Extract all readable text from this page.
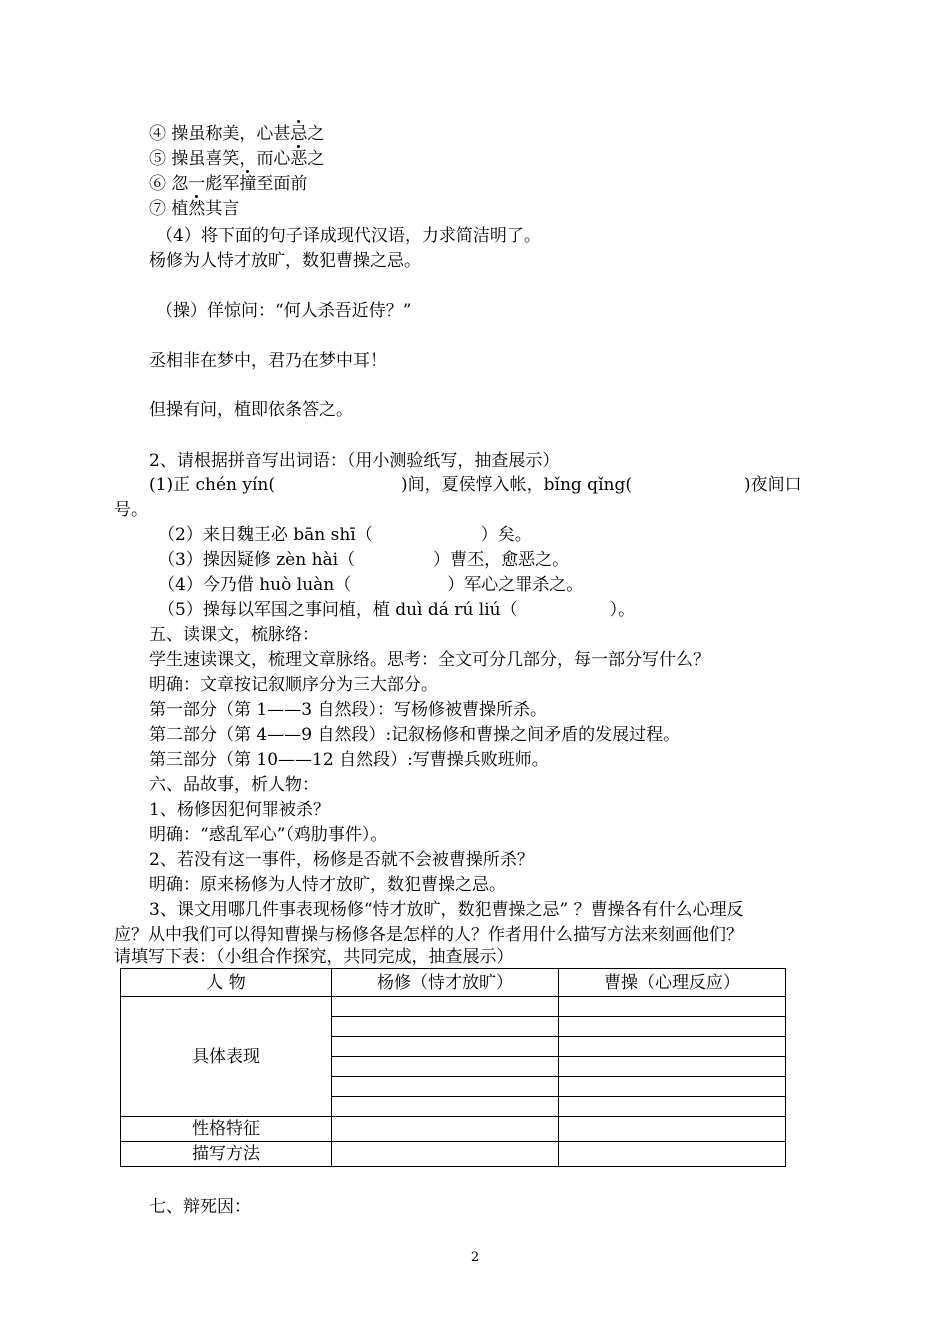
④ 操虽称美，心甚忌之
⑤ 操虽喜笑，而心恶之
⑥ 忽一彪军撞至面前
⑦ 植然其言
（4）将下面的句子译成现代汉语，力求简洁明了。
杨修为人恃才放旷，数犯曹操之忌。
（操）佯惊问：“何人杀吾近侍？”
丞相非在梦中，君乃在梦中耳！
但操有问，植即依条答之。
2、请根据拼音写出词语：（用小测验纸写，抽查展示）
(1)正 chén yín(	)间，夏侯惇入帐，bǐng qǐng(	)夜间口
号。
（2）来日魏王必 bān shī（	）矣。
（3）操因疑修 zèn hài（	）曹丕，愈恶之。
（4）今乃借 huò luàn（	）军心之罪杀之。
（5）操每以军国之事问植，植 duì dá rú liú（	）。
五、读课文，梳脉络：
学生速读课文，梳理文章脉络。思考：全文可分几部分，每一部分写什么？
明确：文章按记叙顺序分为三大部分。
第一部分（第 1——3 自然段）：写杨修被曹操所杀。
第二部分（第 4——9 自然段）:记叙杨修和曹操之间矛盾的发展过程。
第三部分（第 10——12 自然段）:写曹操兵败班师。
六、品故事，析人物：
1、杨修因犯何罪被杀？
明确：“惑乱军心”（鸡肋事件）。
2、若没有这一事件，杨修是否就不会被曹操所杀？
明确：原来杨修为人恃才放旷，数犯曹操之忌。
3、课文用哪几件事表现杨修“恃才放旷，数犯曹操之忌” ？曹操各有什么心理反
应？从中我们可以得知曹操与杨修各是怎样的人？作者用什么描写方法来刻画他们？
请填写下表：（小组合作探究，共同完成，抽查展示）
人 物	杨修（恃才放旷）	曹操（心理反应）
具体表现		

性格特征		
描写方法		
七、辩死因：
2
